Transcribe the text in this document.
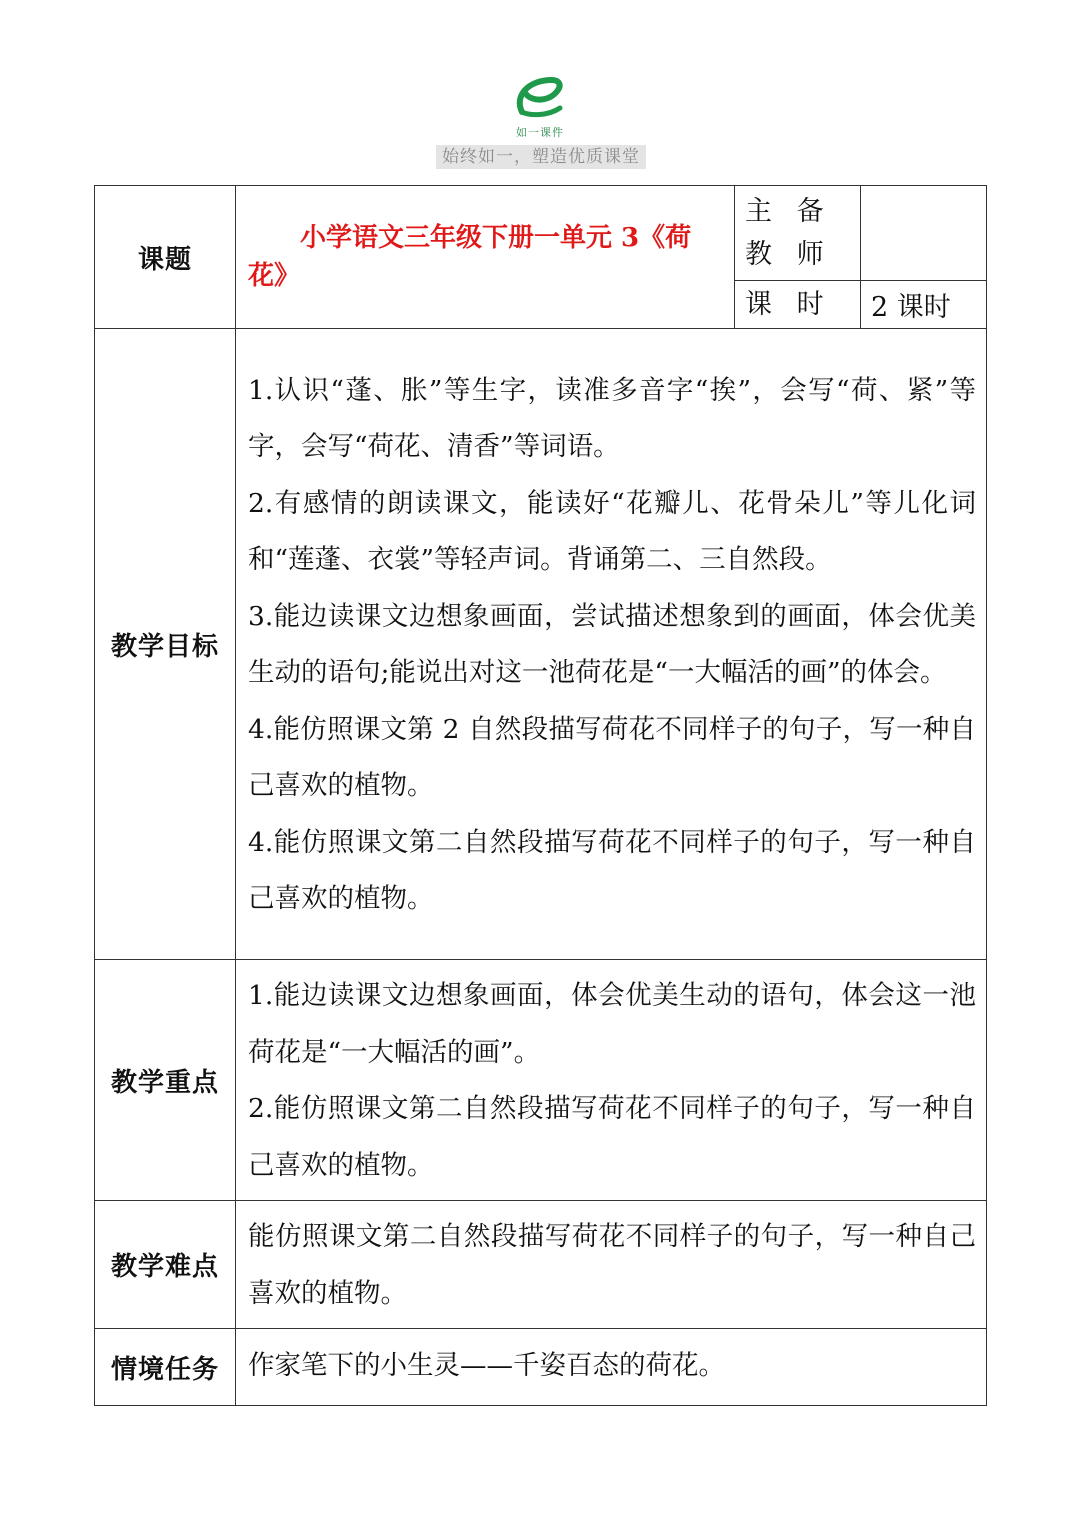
如一课件
始终如一，塑造优质课堂
课题	小学语文三年级下册一单元 3《荷花》	主 备 教 师	
		课 时	2 课时
教学目标	1.认识“蓬、胀”等生字，读准多音字“挨”，会写“荷、紧”等字，会写“荷花、清香”等词语。

2.有感情的朗读课文，能读好“花瓣儿、花骨朵儿”等儿化词和“莲蓬、衣裳”等轻声词。背诵第二、三自然段。

3.能边读课文边想象画面，尝试描述想象到的画面，体会优美生动的语句;能说出对这一池荷花是“一大幅活的画”的体会。

4.能仿照课文第 2 自然段描写荷花不同样子的句子，写一种自己喜欢的植物。

4.能仿照课文第二自然段描写荷花不同样子的句子，写一种自己喜欢的植物。		

教学重点	1.能边读课文边想象画面，体会优美生动的语句，体会这一池荷花是“一大幅活的画”。

2.能仿照课文第二自然段描写荷花不同样子的句子，写一种自己喜欢的植物。		

教学难点	能仿照课文第二自然段描写荷花不同样子的句子，写一种自己喜欢的植物。		

情境任务	作家笔下的小生灵——千姿百态的荷花。		
